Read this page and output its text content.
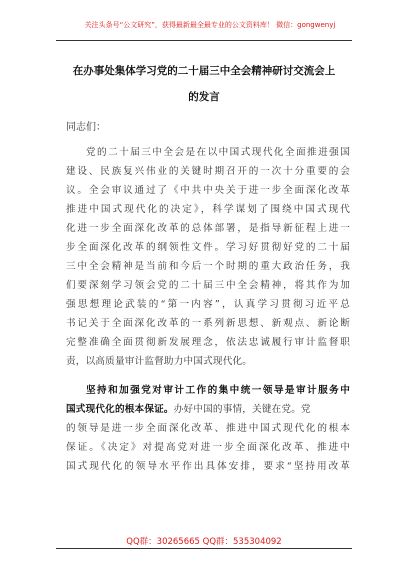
关注头条号“公文研究”，获得最新最全最专业的公文资料库！ 微信：gongwenyj
在办事处集体学习党的二十届三中全会精神研讨交流会上
的发言
同志们：
党的二十届三中全会是在以中国式现代化全面推进强国
建设、民族复兴伟业的关键时期召开的一次十分重要的会
议。全会审议通过了《中共中央关于进一步全面深化改革
推进中国式现代化的决定》，科学谋划了围绕中国式现代
化进一步全面深化改革的总体部署，是指导新征程上进一
步全面深化改革的纲领性文件。学习好贯彻好党的二十届
三中全会精神是当前和今后一个时期的重大政治任务，我
们要深刻学习领会党的二十届三中全会精神，将其作为加
强思想理论武装的“第一内容”，认真学习贯彻习近平总
书记关于全面深化改革的一系列新思想、新观点、新论断
完整准确全面贯彻新发展理念，依法忠诚履行审计监督职
责，以高质量审计监督助力中国式现代化。
坚持和加强党对审计工作的集中统一领导是审计服务中
国式现代化的根本保证。办好中国的事情，关键在党。党
的领导是进一步全面深化改革、推进中国式现代化的根本
保证。《决定》对提高党对进一步全面深化改革、推进中
国式现代化的领导水平作出具体安排，要求“坚持用改革
QQ群：30265665 QQ群：535304092
